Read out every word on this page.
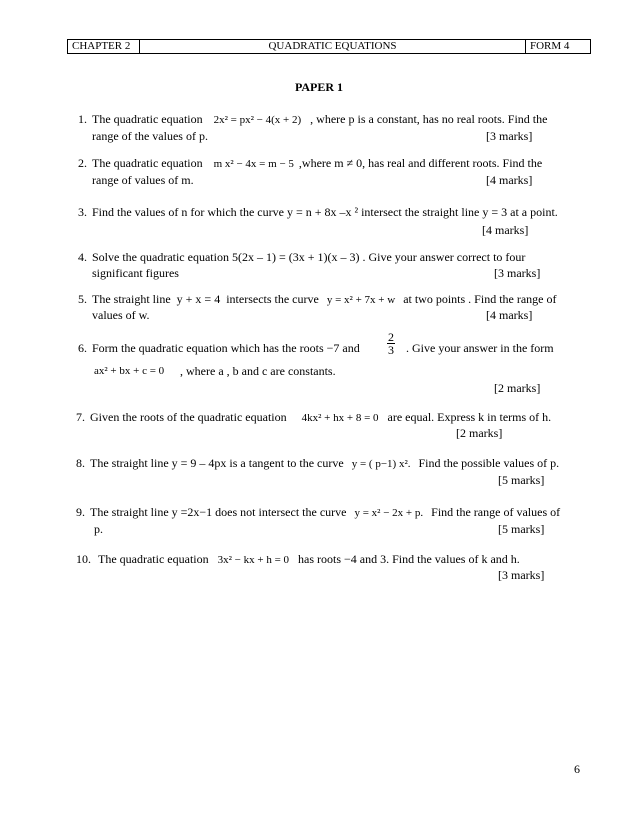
CHAPTER 2	QUADRATIC EQUATIONS	FORM 4
PAPER 1
1. The quadratic equation 2x² = px² − 4(x + 2) , where p is a constant, has no real roots. Find the
range of the values of p.	[3 marks]
2. The quadratic equation m x² − 4x = m − 5 ,where m ≠ 0, has real and different roots. Find the
range of values of m.	[4 marks]
3. Find the values of n for which the curve y = n + 8x –x ² intersect the straight line y = 3 at a point.
[4 marks]
4. Solve the quadratic equation 5(2x – 1) = (3x + 1)(x – 3) . Give your answer correct to four
significant figures	[3 marks]
5. The straight line y + x = 4 intersects the curve y = x² + 7x + w at two points . Find the range of
values of w.	[4 marks]
6. Form the quadratic equation which has the roots −7 and $\frac{2}{3}$ . Give your answer in the form
ax² + bx + c = 0 , where a , b and c are constants.
[2 marks]
7. Given the roots of the quadratic equation 4kx² + hx + 8 = 0 are equal. Express k in terms of h.
[2 marks]
8. The straight line y = 9 – 4px is a tangent to the curve y = ( p−1) x². Find the possible values of p.
[5 marks]
9. The straight line y =2x−1 does not intersect the curve y = x² − 2x + p. Find the range of values of
p.	[5 marks]
10. The quadratic equation 3x² − kx + h = 0 has roots −4 and 3. Find the values of k and h.
[3 marks]
6
